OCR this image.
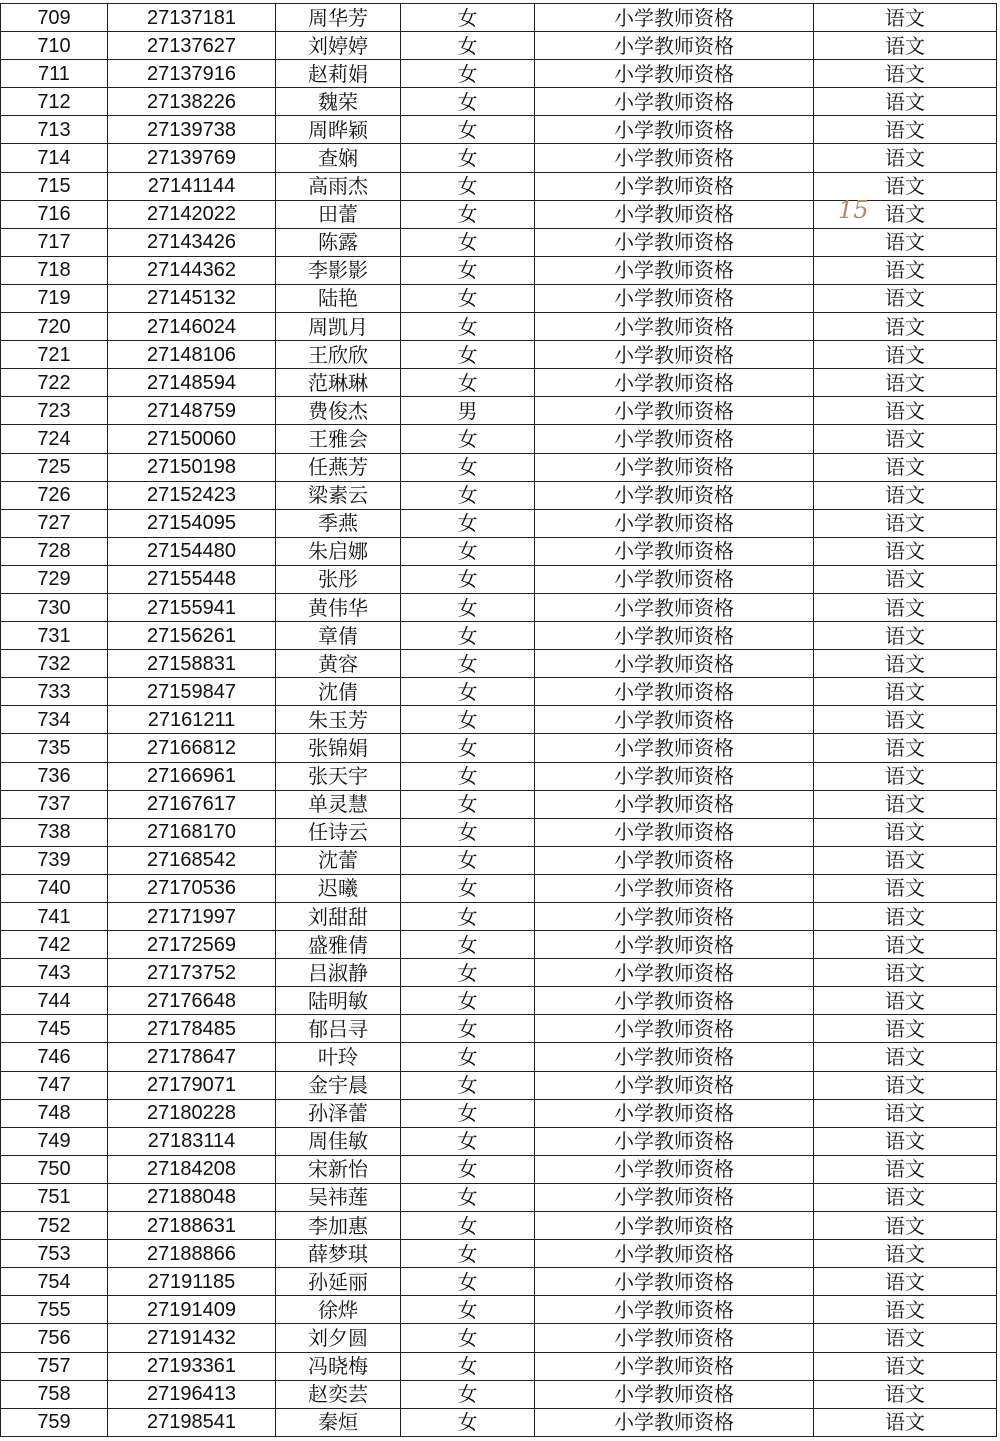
709	27137181	周华芳	女	小学教师资格	语文
710	27137627	刘婷婷	女	小学教师资格	语文
711	27137916	赵莉娟	女	小学教师资格	语文
712	27138226	魏荣	女	小学教师资格	语文
713	27139738	周晔颖	女	小学教师资格	语文
714	27139769	查娴	女	小学教师资格	语文
715	27141144	高雨杰	女	小学教师资格	语文
716	27142022	田蕾	女	小学教师资格	语文
717	27143426	陈露	女	小学教师资格	语文
718	27144362	李影影	女	小学教师资格	语文
719	27145132	陆艳	女	小学教师资格	语文
720	27146024	周凯月	女	小学教师资格	语文
721	27148106	王欣欣	女	小学教师资格	语文
722	27148594	范琳琳	女	小学教师资格	语文
723	27148759	费俊杰	男	小学教师资格	语文
724	27150060	王雅会	女	小学教师资格	语文
725	27150198	任燕芳	女	小学教师资格	语文
726	27152423	梁素云	女	小学教师资格	语文
727	27154095	季燕	女	小学教师资格	语文
728	27154480	朱启娜	女	小学教师资格	语文
729	27155448	张彤	女	小学教师资格	语文
730	27155941	黄伟华	女	小学教师资格	语文
731	27156261	章倩	女	小学教师资格	语文
732	27158831	黄容	女	小学教师资格	语文
733	27159847	沈倩	女	小学教师资格	语文
734	27161211	朱玉芳	女	小学教师资格	语文
735	27166812	张锦娟	女	小学教师资格	语文
736	27166961	张天宇	女	小学教师资格	语文
737	27167617	单灵慧	女	小学教师资格	语文
738	27168170	任诗云	女	小学教师资格	语文
739	27168542	沈蕾	女	小学教师资格	语文
740	27170536	迟曦	女	小学教师资格	语文
741	27171997	刘甜甜	女	小学教师资格	语文
742	27172569	盛雅倩	女	小学教师资格	语文
743	27173752	吕淑静	女	小学教师资格	语文
744	27176648	陆明敏	女	小学教师资格	语文
745	27178485	郁吕寻	女	小学教师资格	语文
746	27178647	叶玲	女	小学教师资格	语文
747	27179071	金宇晨	女	小学教师资格	语文
748	27180228	孙泽蕾	女	小学教师资格	语文
749	27183114	周佳敏	女	小学教师资格	语文
750	27184208	宋新怡	女	小学教师资格	语文
751	27188048	吴祎莲	女	小学教师资格	语文
752	27188631	李加惠	女	小学教师资格	语文
753	27188866	薛梦琪	女	小学教师资格	语文
754	27191185	孙延丽	女	小学教师资格	语文
755	27191409	徐烨	女	小学教师资格	语文
756	27191432	刘夕圆	女	小学教师资格	语文
757	27193361	冯晓梅	女	小学教师资格	语文
758	27196413	赵奕芸	女	小学教师资格	语文
759	27198541	秦烜	女	小学教师资格	语文
15
